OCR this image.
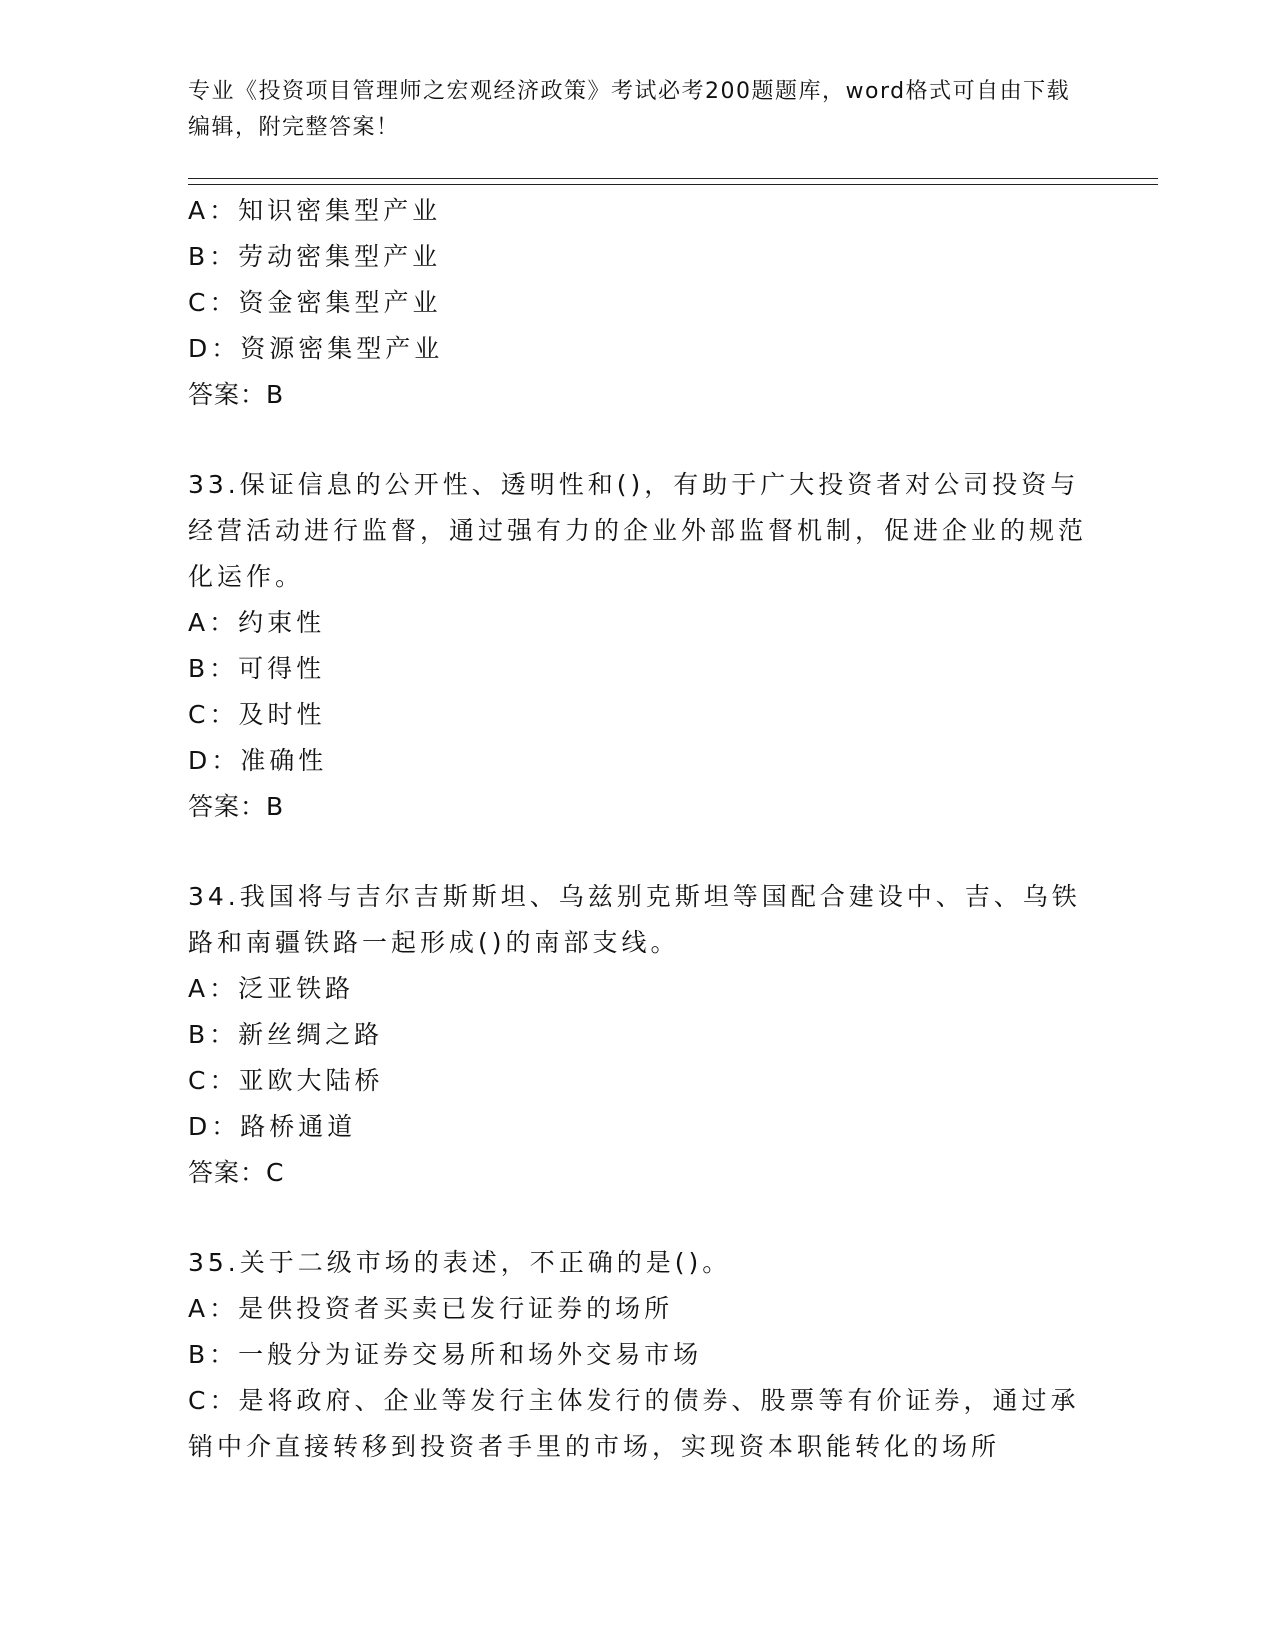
专业《投资项目管理师之宏观经济政策》考试必考200题题库，word格式可自由下载编辑，附完整答案！
A：知识密集型产业
B：劳动密集型产业
C：资金密集型产业
D：资源密集型产业
答案：B
33.保证信息的公开性、透明性和()，有助于广大投资者对公司投资与经营活动进行监督，通过强有力的企业外部监督机制，促进企业的规范化运作。
A：约束性
B：可得性
C：及时性
D：准确性
答案：B
34.我国将与吉尔吉斯斯坦、乌兹别克斯坦等国配合建设中、吉、乌铁路和南疆铁路一起形成()的南部支线。
A：泛亚铁路
B：新丝绸之路
C：亚欧大陆桥
D：路桥通道
答案：C
35.关于二级市场的表述，不正确的是()。
A：是供投资者买卖已发行证券的场所
B：一般分为证券交易所和场外交易市场
C：是将政府、企业等发行主体发行的债券、股票等有价证券，通过承销中介直接转移到投资者手里的市场，实现资本职能转化的场所
